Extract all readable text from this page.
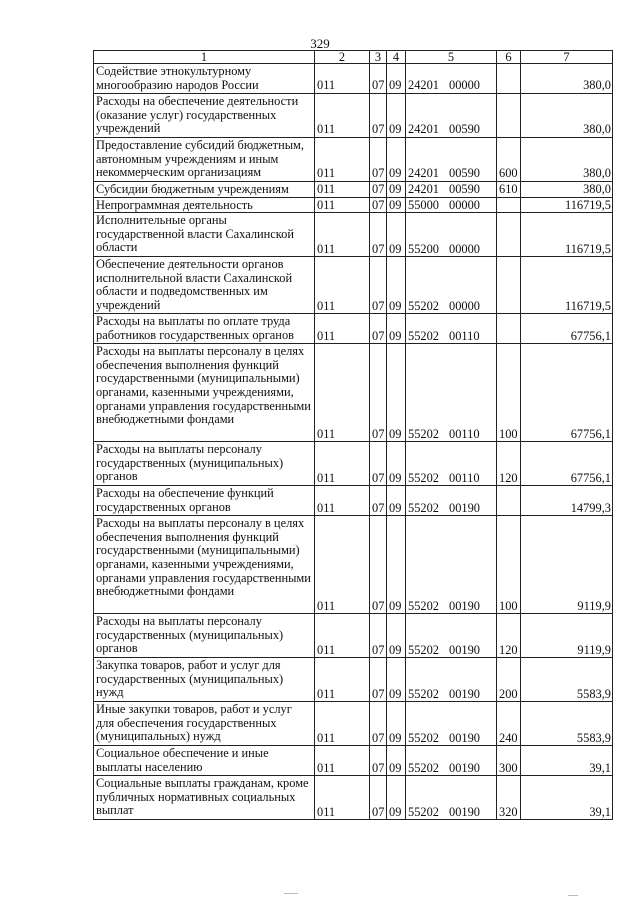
329
1	2	3	4	5	6	7
Содействие этнокультурному многообразию народов России	011	07	09	24201 00000		380,0
Расходы на обеспечение деятельности (оказание услуг) государственных учреждений	011	07	09	24201 00590		380,0
Предоставление субсидий бюджетным, автономным учреждениям и иным некоммерческим организациям	011	07	09	24201 00590	600	380,0
Субсидии бюджетным учреждениям	011	07	09	24201 00590	610	380,0
Непрограммная деятельность	011	07	09	55000 00000		116719,5
Исполнительные органы государственной власти Сахалинской области	011	07	09	55200 00000		116719,5
Обеспечение деятельности органов исполнительной власти Сахалинской области и подведомственных им учреждений	011	07	09	55202 00000		116719,5
Расходы на выплаты по оплате труда работников государственных органов	011	07	09	55202 00110		67756,1
Расходы на выплаты персоналу в целях обеспечения выполнения функций государственными (муниципальными) органами, казенными учреждениями, органами управления государственными внебюджетными фондами	011	07	09	55202 00110	100	67756,1
Расходы на выплаты персоналу государственных (муниципальных) органов	011	07	09	55202 00110	120	67756,1
Расходы на обеспечение функций государственных органов	011	07	09	55202 00190		14799,3
Расходы на выплаты персоналу в целях обеспечения выполнения функций государственными (муниципальными) органами, казенными учреждениями, органами управления государственными внебюджетными фондами	011	07	09	55202 00190	100	9119,9
Расходы на выплаты персоналу государственных (муниципальных) органов	011	07	09	55202 00190	120	9119,9
Закупка товаров, работ и услуг для государственных (муниципальных) нужд	011	07	09	55202 00190	200	5583,9
Иные закупки товаров, работ и услуг для обеспечения государственных (муниципальных) нужд	011	07	09	55202 00190	240	5583,9
Социальное обеспечение и иные выплаты населению	011	07	09	55202 00190	300	39,1
Социальные выплаты гражданам, кроме публичных нормативных социальных выплат	011	07	09	55202 00190	320	39,1
